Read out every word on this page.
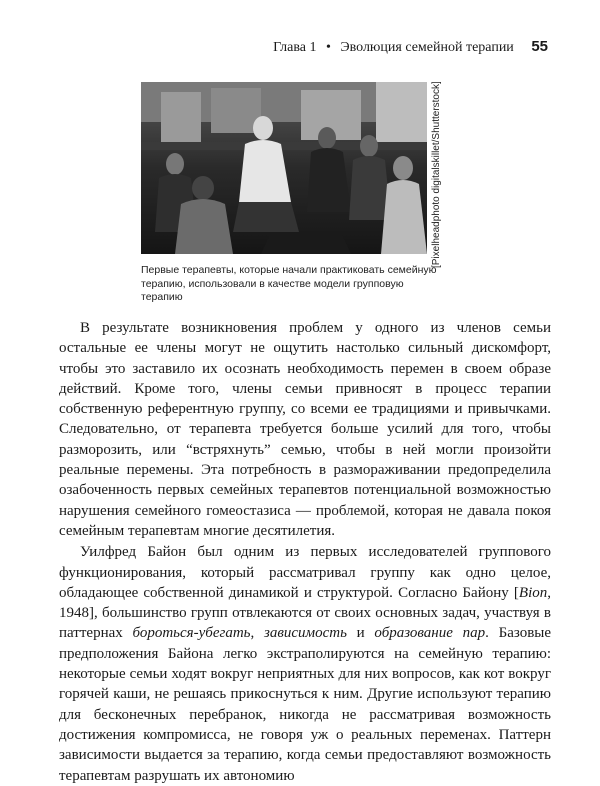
Глава 1 • Эволюция семейной терапии 55
[Pixelheadphoto digitalskillet/Shutterstock]
Первые терапевты, которые начали практиковать семейную терапию, использовали в качестве модели групповую терапию

В результате возникновения проблем у одного из членов семьи остальные ее члены могут не ощутить настолько сильный дискомфорт, чтобы это заставило их осознать необходимость перемен в своем образе действий. Кроме того, члены семьи привносят в процесс терапии собственную референтную группу, со всеми ее традициями и привычками. Следовательно, от терапевта требуется больше усилий для того, чтобы разморозить, или “встряхнуть” семью, чтобы в ней могли произойти реальные перемены. Эта потребность в размораживании предопределила озабоченность первых семейных терапевтов потенциальной возможностью нарушения семейного гомеостазиса — проблемой, которая не давала покоя семейным терапевтам многие десятилетия.

Уилфред Байон был одним из первых исследователей группового функционирования, который рассматривал группу как одно целое, обладающее собственной динамикой и структурой. Согласно Байону [Bion, 1948], большинство групп отвлекаются от своих основных задач, участвуя в паттернах бороться-убегать, зависимость и образование пар. Базовые предположения Байона легко экстраполируются на семейную терапию: некоторые семьи ходят вокруг неприятных для них вопросов, как кот вокруг горячей каши, не решаясь прикоснуться к ним. Другие используют терапию для бесконечных перебранок, никогда не рассматривая возможность достижения компромисса, не говоря уж о реальных переменах. Паттерн зависимости выдается за терапию, когда семьи предоставляют возможность терапевтам разрушать их автономию
